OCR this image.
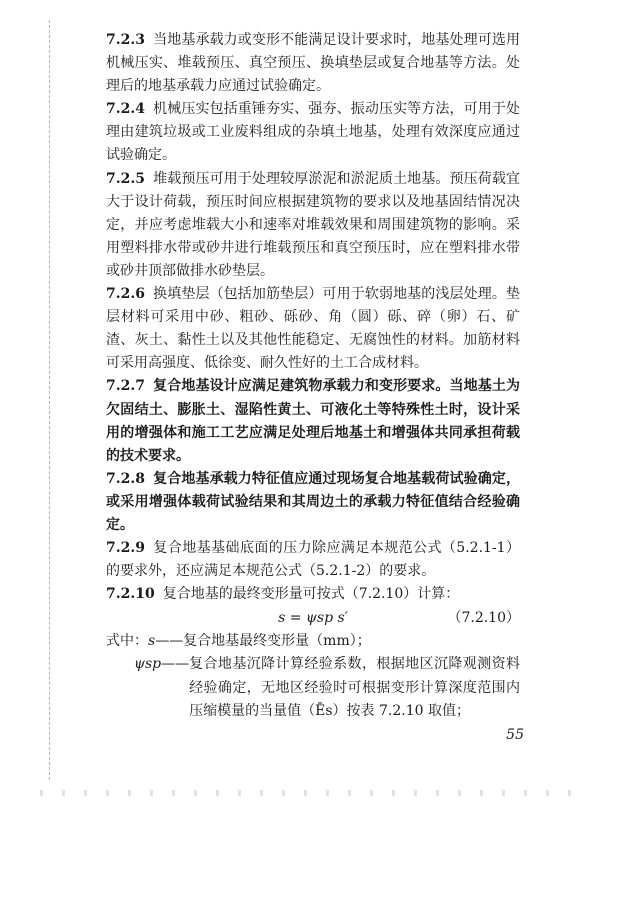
7.2.3 当地基承载力或变形不能满足设计要求时，地基处理可选用机械压实、堆载预压、真空预压、换填垫层或复合地基等方法。处理后的地基承载力应通过试验确定。

7.2.4 机械压实包括重锤夯实、强夯、振动压实等方法，可用于处理由建筑垃圾或工业废料组成的杂填土地基，处理有效深度应通过试验确定。

7.2.5 堆载预压可用于处理较厚淤泥和淤泥质土地基。预压荷载宜大于设计荷载，预压时间应根据建筑物的要求以及地基固结情况决定，并应考虑堆载大小和速率对堆载效果和周围建筑物的影响。采用塑料排水带或砂井进行堆载预压和真空预压时，应在塑料排水带或砂井顶部做排水砂垫层。

7.2.6 换填垫层（包括加筋垫层）可用于软弱地基的浅层处理。垫层材料可采用中砂、粗砂、砾砂、角（圆）砾、碎（卵）石、矿渣、灰土、黏性土以及其他性能稳定、无腐蚀性的材料。加筋材料可采用高强度、低徐变、耐久性好的土工合成材料。

7.2.7 复合地基设计应满足建筑物承载力和变形要求。当地基土为欠固结土、膨胀土、湿陷性黄土、可液化土等特殊性土时，设计采用的增强体和施工工艺应满足处理后地基土和增强体共同承担荷载的技术要求。

7.2.8 复合地基承载力特征值应通过现场复合地基载荷试验确定，或采用增强体载荷试验结果和其周边土的承载力特征值结合经验确定。

7.2.9 复合地基基础底面的压力除应满足本规范公式（5.2.1-1）的要求外，还应满足本规范公式（5.2.1-2）的要求。

7.2.10 复合地基的最终变形量可按式（7.2.10）计算：

s = ψsp s′	（7.2.10）
式中： s —— 复合地基最终变形量（mm）；
ψsp —— 复合地基沉降计算经验系数，根据地区沉降观测资料经验确定，无地区经验时可根据变形计算深度范围内压缩模量的当量值（Ēs）按表 7.2.10 取值；
55
